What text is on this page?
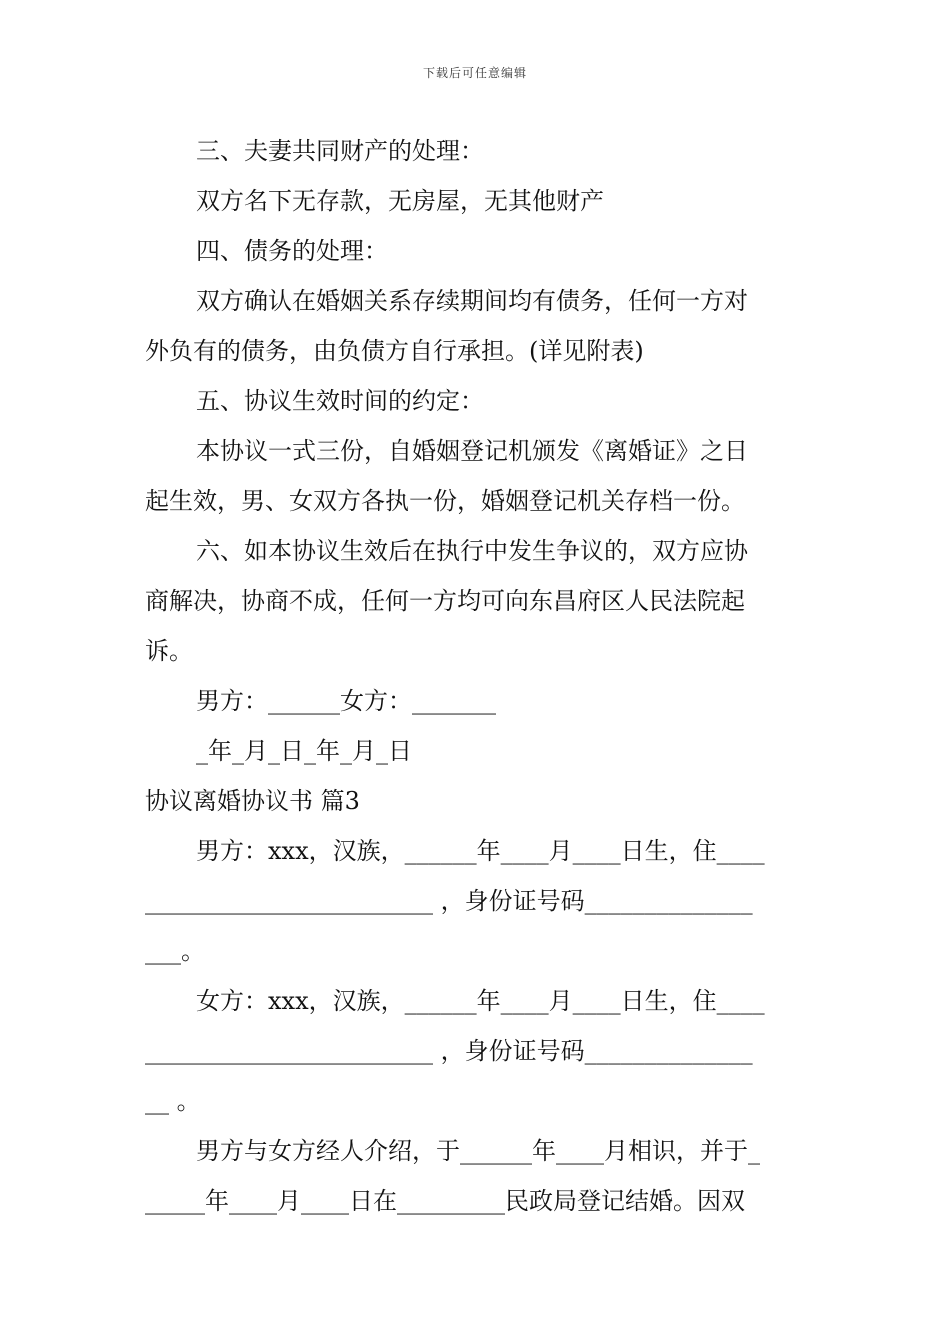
下载后可任意编辑
三、夫妻共同财产的处理：
双方名下无存款，无房屋，无其他财产
四、债务的处理：
双方确认在婚姻关系存续期间均有债务，任何一方对
外负有的债务，由负债方自行承担。(详见附表)
五、协议生效时间的约定：
本协议一式三份，自婚姻登记机颁发《离婚证》之日
起生效，男、女双方各执一份，婚姻登记机关存档一份。
六、如本协议生效后在执行中发生争议的，双方应协
商解决，协商不成，任何一方均可向东昌府区人民法院起
诉。
男方：______女方：_______
_年_月_日_年_月_日
协议离婚协议书 篇3
男方：xxx，汉族，______年____月____日生，住____
________________________ ，身份证号码______________
___。
女方：xxx，汉族，______年____月____日生，住____
________________________ ，身份证号码______________
__ 。
男方与女方经人介绍，于______年____月相识，并于_
_____年____月____日在_________民政局登记结婚。因双
